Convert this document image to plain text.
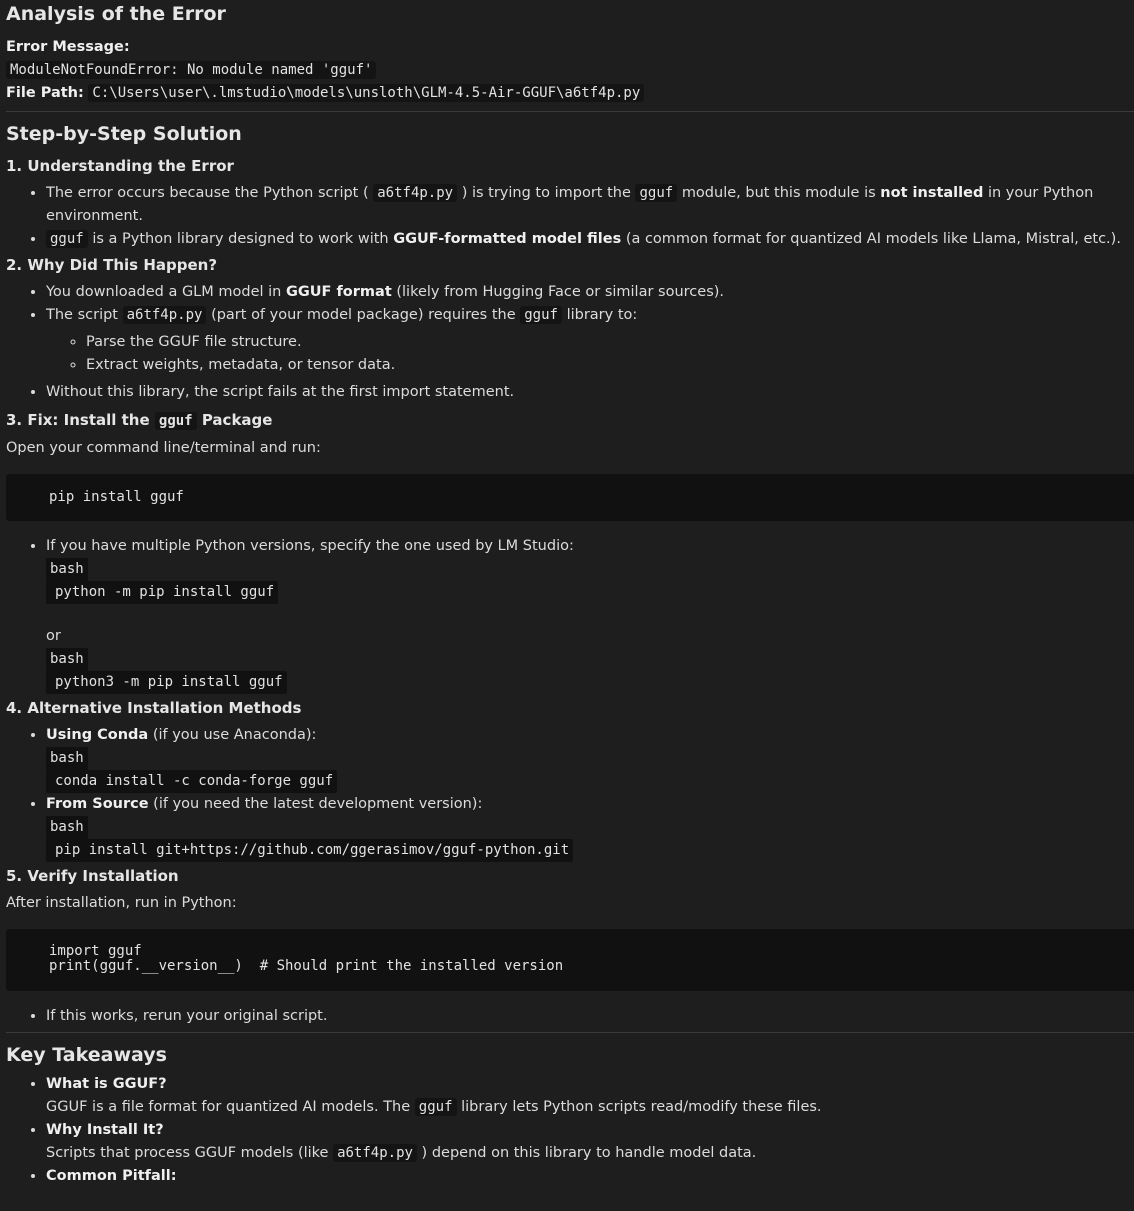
Analysis of the Error
Error Message:
ModuleNotFoundError: No module named 'gguf'
File Path: C:\Users\user\.lmstudio\models\unsloth\GLM-4.5-Air-GGUF\a6tf4p.py
Step-by-Step Solution
1. Understanding the Error
• The error occurs because the Python script ( a6tf4p.py ) is trying to import the gguf module, but this module is not installed in your Python environment.
• gguf is a Python library designed to work with GGUF-formatted model files (a common format for quantized AI models like Llama, Mistral, etc.).
2. Why Did This Happen?
• You downloaded a GLM model in GGUF format (likely from Hugging Face or similar sources).
• The script a6tf4p.py (part of your model package) requires the gguf library to:
◦ Parse the GGUF file structure.
◦ Extract weights, metadata, or tensor data.
• Without this library, the script fails at the first import statement.
3. Fix: Install the gguf Package
Open your command line/terminal and run:
pip install gguf
• If you have multiple Python versions, specify the one used by LM Studio:
bash
python -m pip install gguf

or
bash
python3 -m pip install gguf
4. Alternative Installation Methods
• Using Conda (if you use Anaconda):
bash
conda install -c conda-forge gguf
• From Source (if you need the latest development version):
bash
pip install git+https://github.com/ggerasimov/gguf-python.git
5. Verify Installation
After installation, run in Python:
import gguf
print(gguf.__version__)  # Should print the installed version
• If this works, rerun your original script.
Key Takeaways
• What is GGUF?
GGUF is a file format for quantized AI models. The gguf library lets Python scripts read/modify these files.
• Why Install It?
Scripts that process GGUF models (like a6tf4p.py ) depend on this library to handle model data.
• Common Pitfall:
